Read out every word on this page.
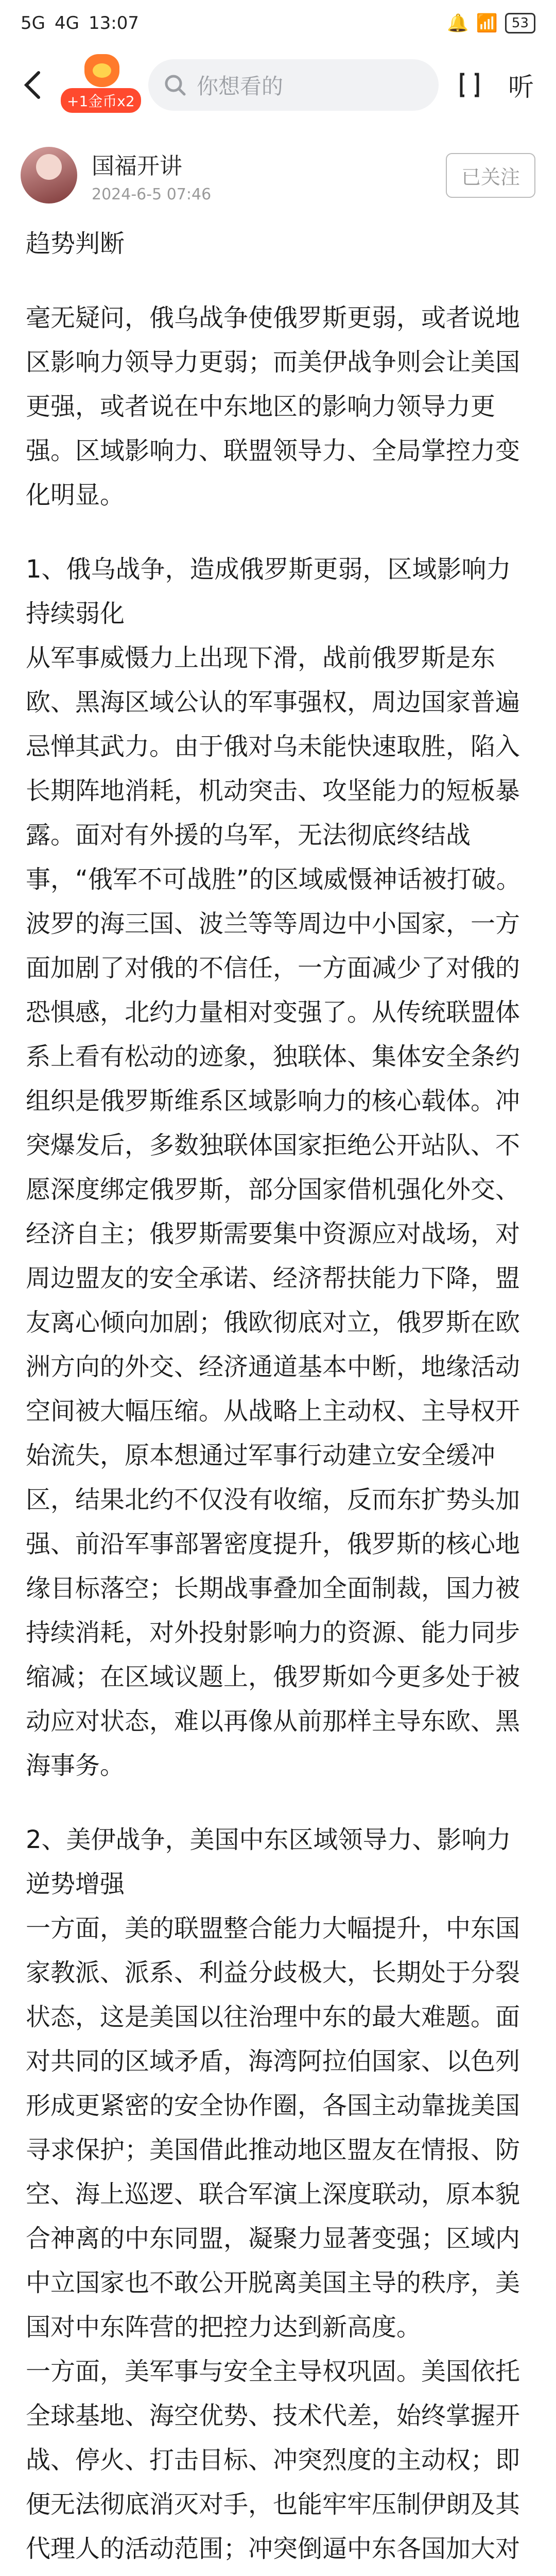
5G 4G 13:07	🔔 📶	53
+1金币x2
你想看的	听
国福开讲
2024-6-5 07:46
已关注

趋势判断

毫无疑问，俄乌战争使俄罗斯更弱，或者说地区影响力领导力更弱；而美伊战争则会让美国更强，或者说在中东地区的影响力领导力更强。区域影响力、联盟领导力、全局掌控力变化明显。

1、俄乌战争，造成俄罗斯更弱，区域影响力持续弱化
从军事威慑力上出现下滑，战前俄罗斯是东欧、黑海区域公认的军事强权，周边国家普遍忌惮其武力。由于俄对乌未能快速取胜，陷入长期阵地消耗，机动突击、攻坚能力的短板暴露。面对有外援的乌军，无法彻底终结战事，“俄军不可战胜”的区域威慑神话被打破。波罗的海三国、波兰等等周边中小国家，一方面加剧了对俄的不信任，一方面减少了对俄的恐惧感，北约力量相对变强了。从传统联盟体系上看有松动的迹象，独联体、集体安全条约组织是俄罗斯维系区域影响力的核心载体。冲突爆发后，多数独联体国家拒绝公开站队、不愿深度绑定俄罗斯，部分国家借机强化外交、经济自主；俄罗斯需要集中资源应对战场，对周边盟友的安全承诺、经济帮扶能力下降，盟友离心倾向加剧；俄欧彻底对立，俄罗斯在欧洲方向的外交、经济通道基本中断，地缘活动空间被大幅压缩。从战略上主动权、主导权开始流失，原本想通过军事行动建立安全缓冲区，结果北约不仅没有收缩，反而东扩势头加强、前沿军事部署密度提升，俄罗斯的核心地缘目标落空；长期战事叠加全面制裁，国力被持续消耗，对外投射影响力的资源、能力同步缩减；在区域议题上，俄罗斯如今更多处于被动应对状态，难以再像从前那样主导东欧、黑海事务。

2、美伊战争，美国中东区域领导力、影响力逆势增强
一方面，美的联盟整合能力大幅提升，中东国家教派、派系、利益分歧极大，长期处于分裂状态，这是美国以往治理中东的最大难题。面对共同的区域矛盾，海湾阿拉伯国家、以色列形成更紧密的安全协作圈，各国主动靠拢美国寻求保护；美国借此推动地区盟友在情报、防空、海上巡逻、联合军演上深度联动，原本貌合神离的中东同盟，凝聚力显著变强；区域内中立国家也不敢公开脱离美国主导的秩序，美国对中东阵营的把控力达到新高度。
一方面，美军事与安全主导权巩固。美国依托全球基地、海空优势、技术代差，始终掌握开战、停火、打击目标、冲突烈度的主动权；即便无法彻底消灭对手，也能牢牢压制伊朗及其代理人的活动范围；冲突倒逼中东各国加大对
